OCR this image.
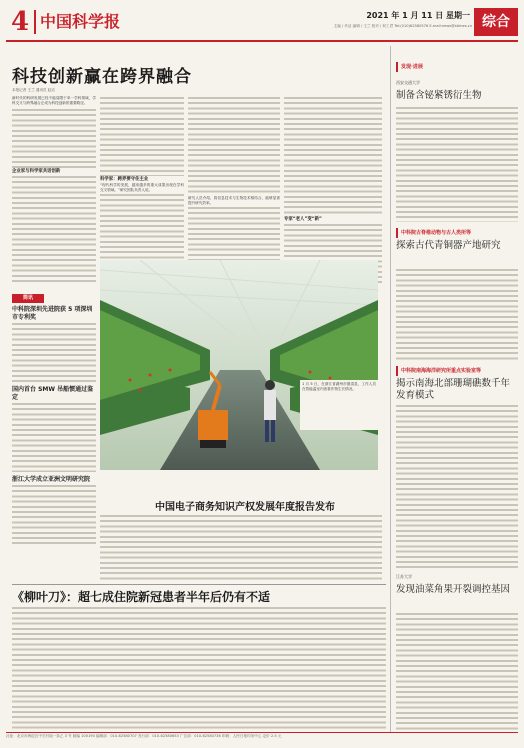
4 中国科学报	2021 年 1 月 11 日 星期一
主编 / 肖洁 编辑 / 王兰 校对 / 何工君 Tel:(010)62580576 E-mail:news@stimes.cn 综合
科技创新赢在跨界融合
本报记者 王兰 通讯员 赵洁
新时代的科研发展已经不能局限于单一学科领域，学科交叉与跨界融合正成为科技创新的重要路径。
企业家与科学家共话创新
科学家：跨界要守住主业
“现代科学的发展，越来越多的重大成果出现在学科交叉领域。”研究团队负责人说。
研究人员介绍，将信息技术与生物技术相结合，能够显著提升研究效率。
专家“老人”变“新”
1 月 5 日，在浙江省湖州市德清县，工作人员在智能温室内查看作物生长情况。
简讯
中科院深圳先进院获 5 项深圳市专利奖
国内首台 SMW 吊船惯通过鉴定
浙江大学成立亚洲文明研究院
中国电子商务知识产权发展年度报告发布
《柳叶刀》：超七成住院新冠患者半年后仍有不适
发现·进展
西安交通大学
制备含铋紧锈衍生物
中科院古脊椎动物与古人类所等
探索古代青铜器产地研究
中科院南海海洋研究所重点实验室等
揭示南海北部珊瑚礁数千年发育模式
江苏大学
发现油菜角果开裂调控基因
社址：北京市海淀区中关村南一条乙 3 号 邮编 100190 编辑部：010-62580707 发行部：010-62580653 广告部：010-62580736 印刷：人民日报印务中心 定价 2.5 元
